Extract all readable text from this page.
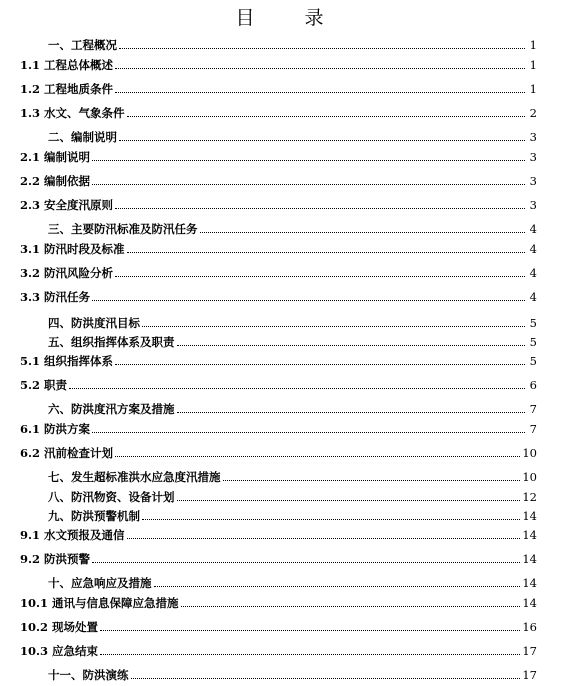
目 录
一、工程概况	1
1.1 工程总体概述	1
1.2 工程地质条件	1
1.3 水文、气象条件	2
二、编制说明	3
2.1 编制说明	3
2.2 编制依据	3
2.3 安全度汛原则	3
三、主要防汛标准及防汛任务	4
3.1 防汛时段及标准	4
3.2 防汛风险分析	4
3.3 防汛任务	4
四、防洪度汛目标	5
五、组织指挥体系及职责	5
5.1 组织指挥体系	5
5.2 职责	6
六、防洪度汛方案及措施	7
6.1 防洪方案	7
6.2 汛前检查计划	10
七、发生超标准洪水应急度汛措施	10
八、防汛物资、设备计划	12
九、防洪预警机制	14
9.1 水文预报及通信	14
9.2 防洪预警	14
十、应急响应及措施	14
10.1 通讯与信息保障应急措施	14
10.2 现场处置	16
10.3 应急结束	17
十一、防洪演练	17
